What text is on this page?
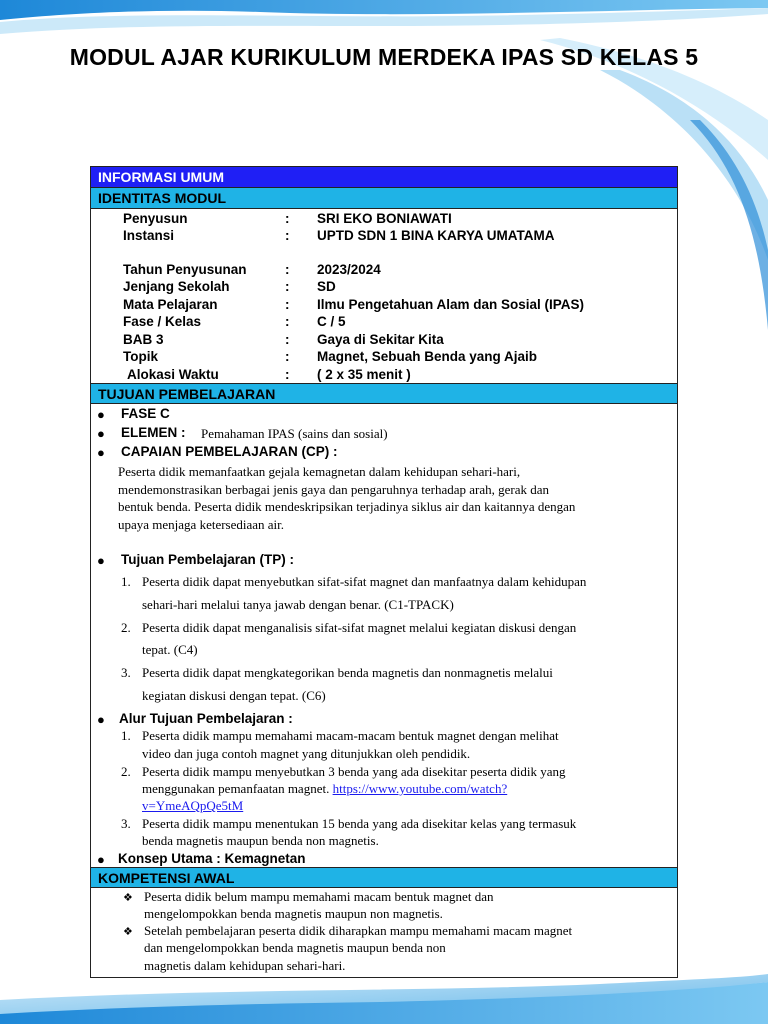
MODUL AJAR KURIKULUM MERDEKA IPAS SD KELAS 5
INFORMASI UMUM
IDENTITAS MODUL
Penyusun	: SRI EKO BONIAWATI
Instansi	: UPTD SDN 1 BINA KARYA UMATAMA
Tahun Penyusunan	: 2023/2024
Jenjang Sekolah	: SD
Mata Pelajaran	: Ilmu Pengetahuan Alam dan Sosial (IPAS)
Fase / Kelas	: C / 5
BAB 3	: Gaya di Sekitar Kita
Topik	: Magnet, Sebuah Benda yang Ajaib
Alokasi Waktu	: ( 2 x 35 menit )
TUJUAN PEMBELAJARAN
● FASE C
● ELEMEN : Pemahaman IPAS (sains dan sosial)
● CAPAIAN PEMBELAJARAN (CP) :
Peserta didik memanfaatkan gejala kemagnetan dalam kehidupan sehari-hari,
mendemonstrasikan berbagai jenis gaya dan pengaruhnya terhadap arah, gerak dan
bentuk benda. Peserta didik mendeskripsikan terjadinya siklus air dan kaitannya dengan
upaya menjaga ketersediaan air.
● Tujuan Pembelajaran (TP) :
1. Peserta didik dapat menyebutkan sifat-sifat magnet dan manfaatnya dalam kehidupan
sehari-hari melalui tanya jawab dengan benar. (C1-TPACK)
2. Peserta didik dapat menganalisis sifat-sifat magnet melalui kegiatan diskusi dengan
tepat. (C4)
3. Peserta didik dapat mengkategorikan benda magnetis dan nonmagnetis melalui
kegiatan diskusi dengan tepat. (C6)
● Alur Tujuan Pembelajaran :
1. Peserta didik mampu memahami macam-macam bentuk magnet dengan melihat
video dan juga contoh magnet yang ditunjukkan oleh pendidik.
2. Peserta didik mampu menyebutkan 3 benda yang ada disekitar peserta didik yang
menggunakan pemanfaatan magnet. https://www.youtube.com/watch?
v=YmeAQpQe5tM
3. Peserta didik mampu menentukan 15 benda yang ada disekitar kelas yang termasuk
benda magnetis maupun benda non magnetis.
● Konsep Utama : Kemagnetan
KOMPETENSI AWAL
❖ Peserta didik belum mampu memahami macam bentuk magnet dan
mengelompokkan benda magnetis maupun non magnetis.
❖ Setelah pembelajaran peserta didik diharapkan mampu memahami macam magnet
dan mengelompokkan benda magnetis maupun benda non
magnetis dalam kehidupan sehari-hari.
